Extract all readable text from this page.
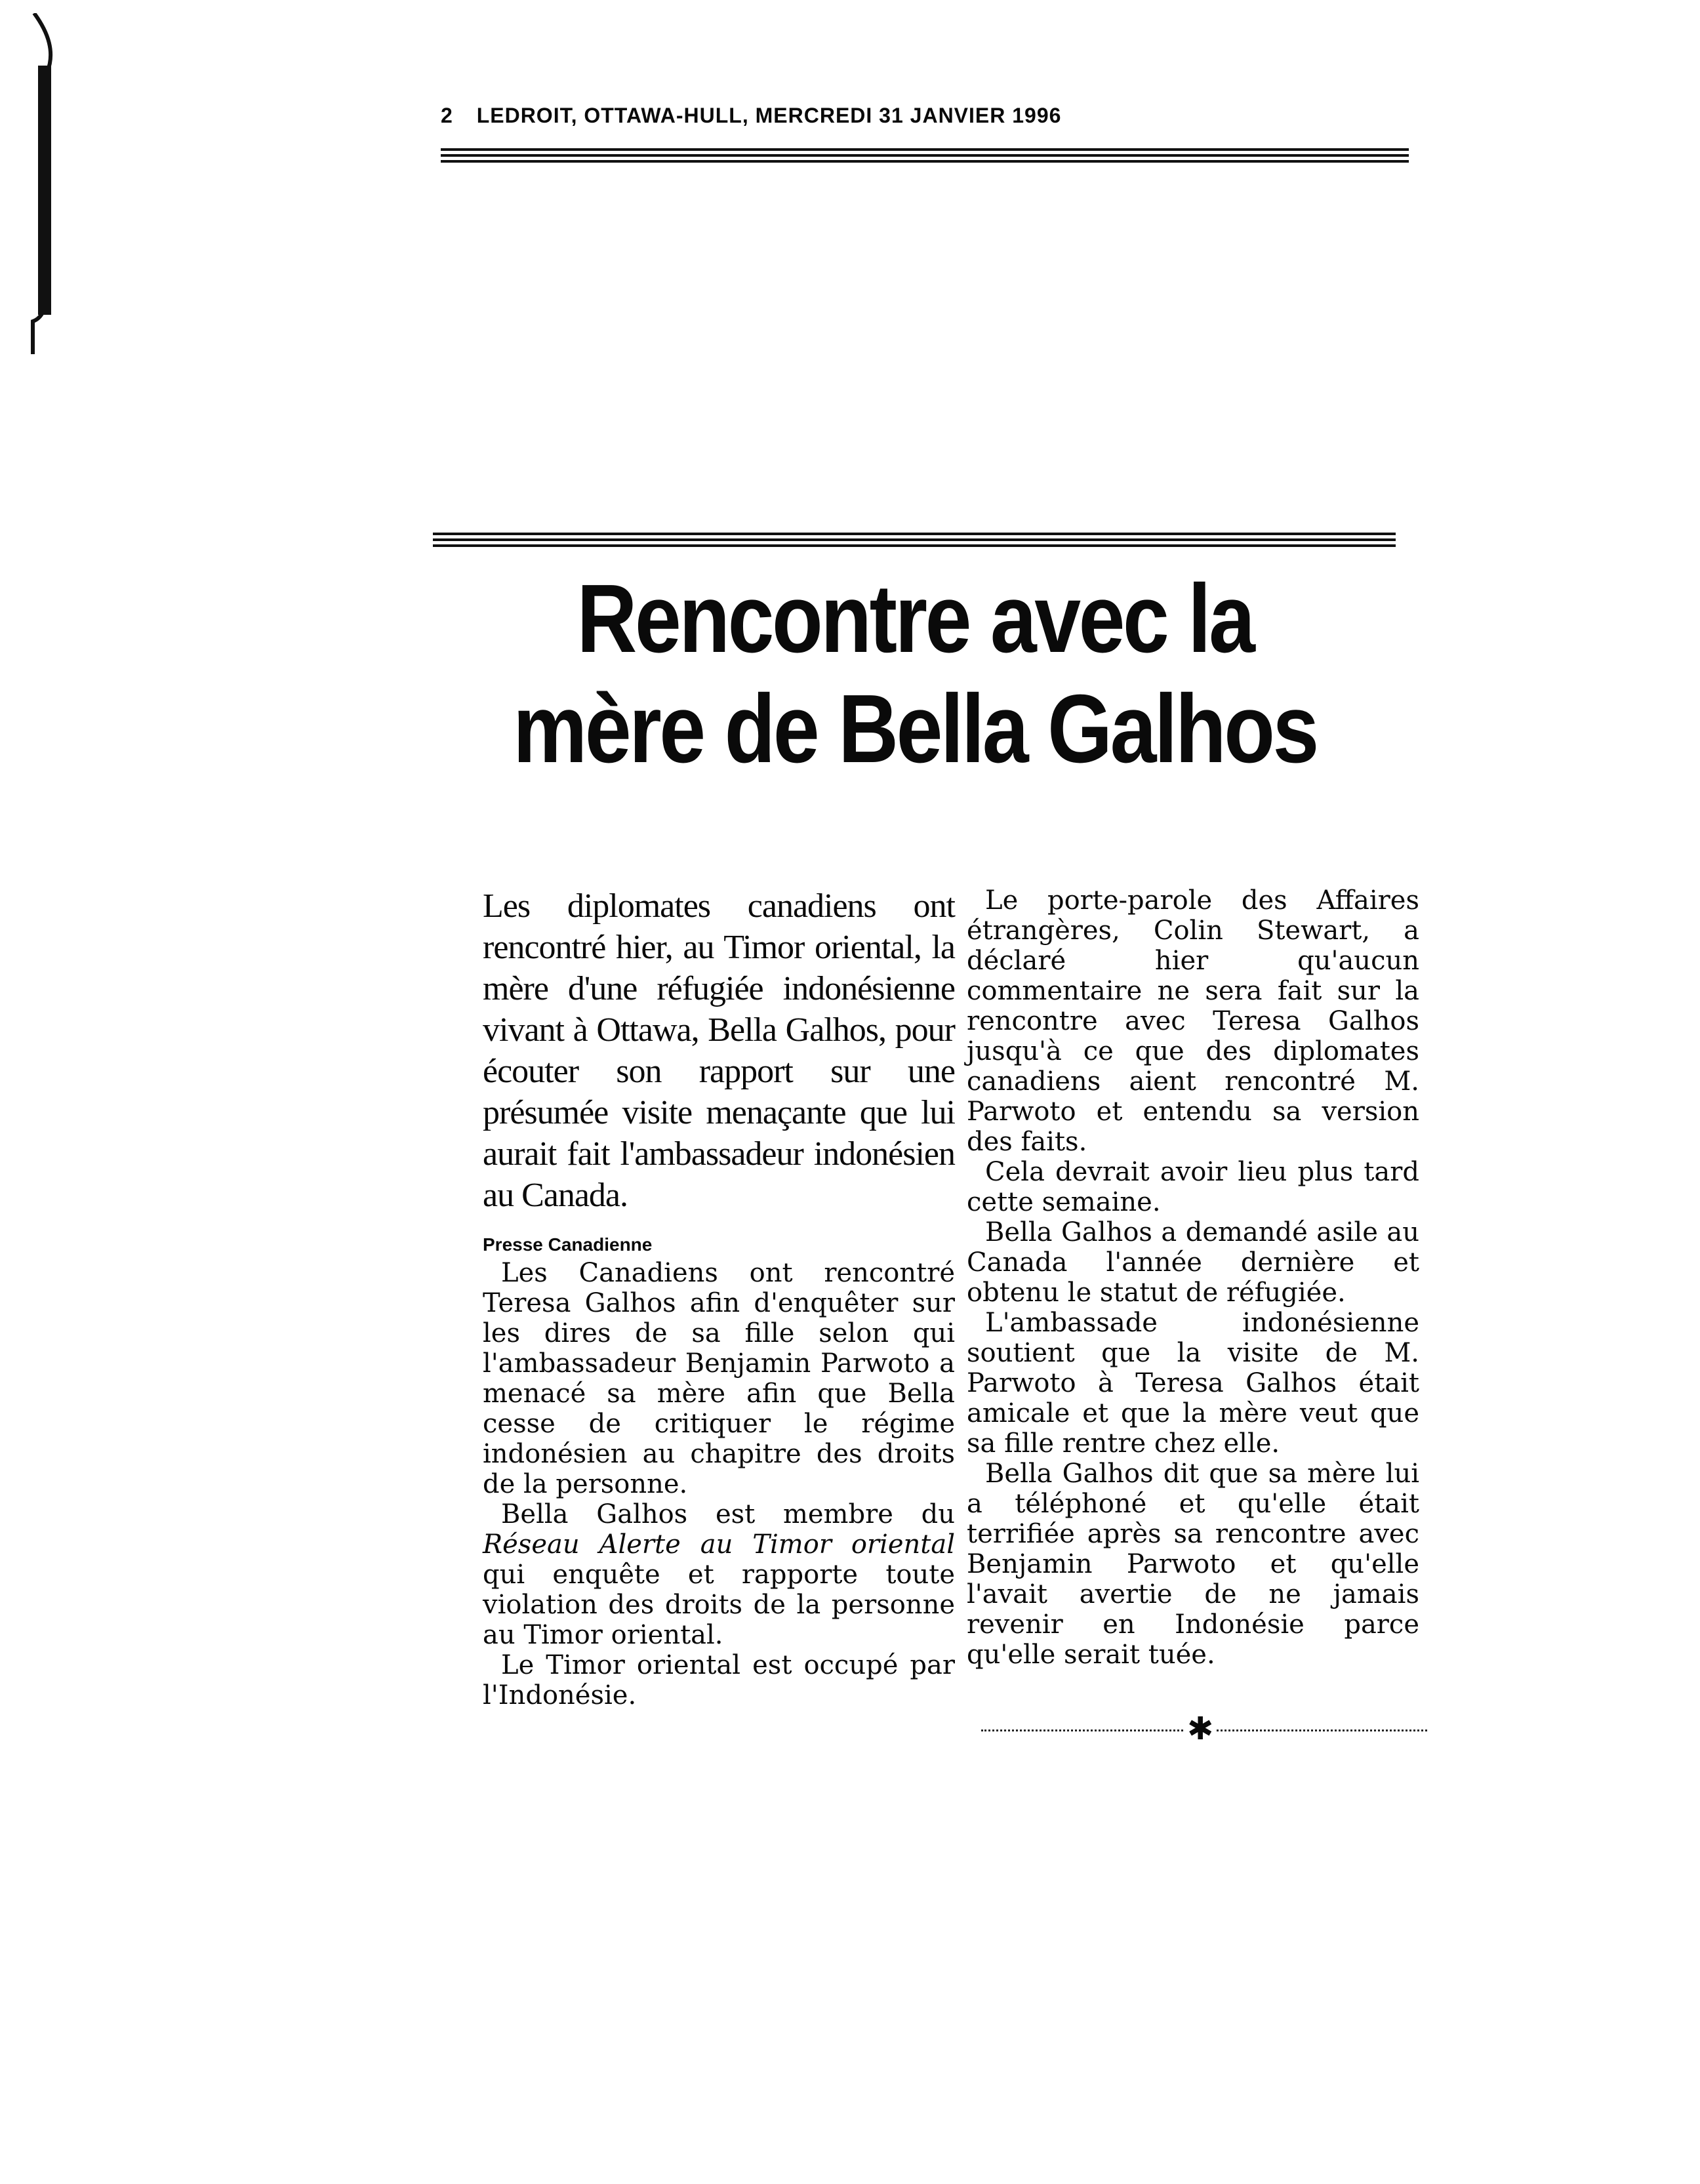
2 LEDROIT, OTTAWA-HULL, MERCREDI 31 JANVIER 1996
Rencontre avec la
mère de Bella Galhos

Les diplomates canadiens ont rencontré hier, au Timor oriental, la mère d'une réfugiée indonésienne vivant à Ottawa, Bella Galhos, pour écouter son rapport sur une présumée visite menaçante que lui aurait fait l'ambassadeur indonésien au Canada.

Presse Canadienne

Les Canadiens ont rencontré Teresa Galhos afin d'enquêter sur les dires de sa fille selon qui l'ambassadeur Benjamin Parwoto a menacé sa mère afin que Bella cesse de critiquer le régime indonésien au chapitre des droits de la personne.

Bella Galhos est membre du Réseau Alerte au Timor oriental qui enquête et rapporte toute violation des droits de la personne au Timor oriental.

Le Timor oriental est occupé par l'Indonésie.

Le porte-parole des Affaires étrangères, Colin Stewart, a déclaré hier qu'aucun commentaire ne sera fait sur la rencontre avec Teresa Galhos jusqu'à ce que des diplomates canadiens aient rencontré M. Parwoto et entendu sa version des faits.

Cela devrait avoir lieu plus tard cette semaine.

Bella Galhos a demandé asile au Canada l'année dernière et obtenu le statut de réfugiée.

L'ambassade indonésienne soutient que la visite de M. Parwoto à Teresa Galhos était amicale et que la mère veut que sa fille rentre chez elle.

Bella Galhos dit que sa mère lui a téléphoné et qu'elle était terrifiée après sa rencontre avec Benjamin Parwoto et qu'elle l'avait avertie de ne jamais revenir en Indonésie parce qu'elle serait tuée.

✱
